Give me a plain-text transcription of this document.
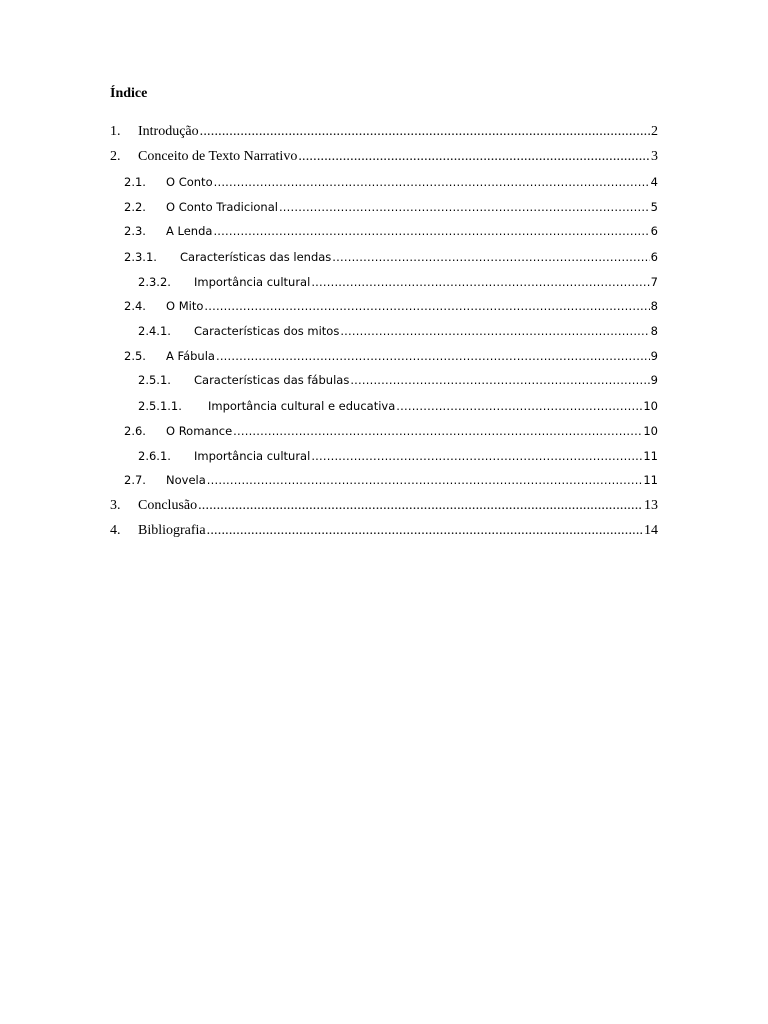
Índice
1.	Introdução .....	2
2.	Conceito de Texto Narrativo .....	3
2.1.	O Conto .....	4
2.2.	O Conto Tradicional .....	5
2.3.	A Lenda .....	6
2.3.1.	Características das lendas .....	6
2.3.2.	Importância cultural .....	7
2.4.	O Mito .....	8
2.4.1.	Características dos mitos .....	8
2.5.	A Fábula .....	9
2.5.1.	Características das fábulas .....	9
2.5.1.1.	Importância cultural e educativa .....	10
2.6.	O Romance .....	10
2.6.1.	Importância cultural .....	11
2.7.	Novela .....	11
3.	Conclusão .....	13
4.	Bibliografia .....	14
